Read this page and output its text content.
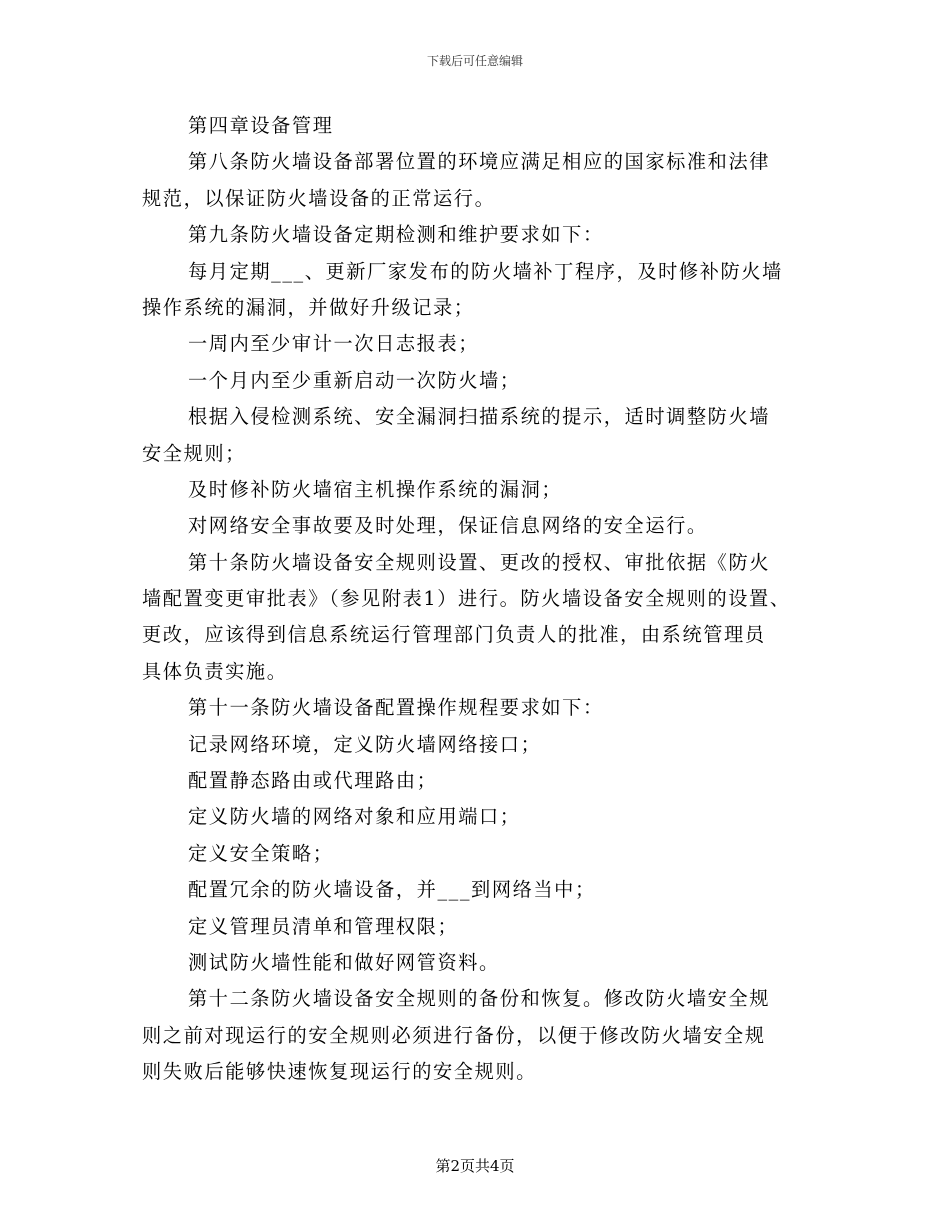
下载后可任意编辑

第四章设备管理

第八条防火墙设备部署位置的环境应满足相应的国家标准和法律
规范，以保证防火墙设备的正常运行。

第九条防火墙设备定期检测和维护要求如下：

每月定期___、更新厂家发布的防火墙补丁程序，及时修补防火墙
操作系统的漏洞，并做好升级记录；

一周内至少审计一次日志报表；

一个月内至少重新启动一次防火墙；

根据入侵检测系统、安全漏洞扫描系统的提示，适时调整防火墙
安全规则；

及时修补防火墙宿主机操作系统的漏洞；

对网络安全事故要及时处理，保证信息网络的安全运行。

第十条防火墙设备安全规则设置、更改的授权、审批依据《防火
墙配置变更审批表》（参见附表1）进行。防火墙设备安全规则的设置、
更改，应该得到信息系统运行管理部门负责人的批准，由系统管理员
具体负责实施。

第十一条防火墙设备配置操作规程要求如下：

记录网络环境，定义防火墙网络接口；

配置静态路由或代理路由；

定义防火墙的网络对象和应用端口；

定义安全策略；

配置冗余的防火墙设备，并___到网络当中；

定义管理员清单和管理权限；

测试防火墙性能和做好网管资料。

第十二条防火墙设备安全规则的备份和恢复。修改防火墙安全规
则之前对现运行的安全规则必须进行备份，以便于修改防火墙安全规
则失败后能够快速恢复现运行的安全规则。

第2页共4页
